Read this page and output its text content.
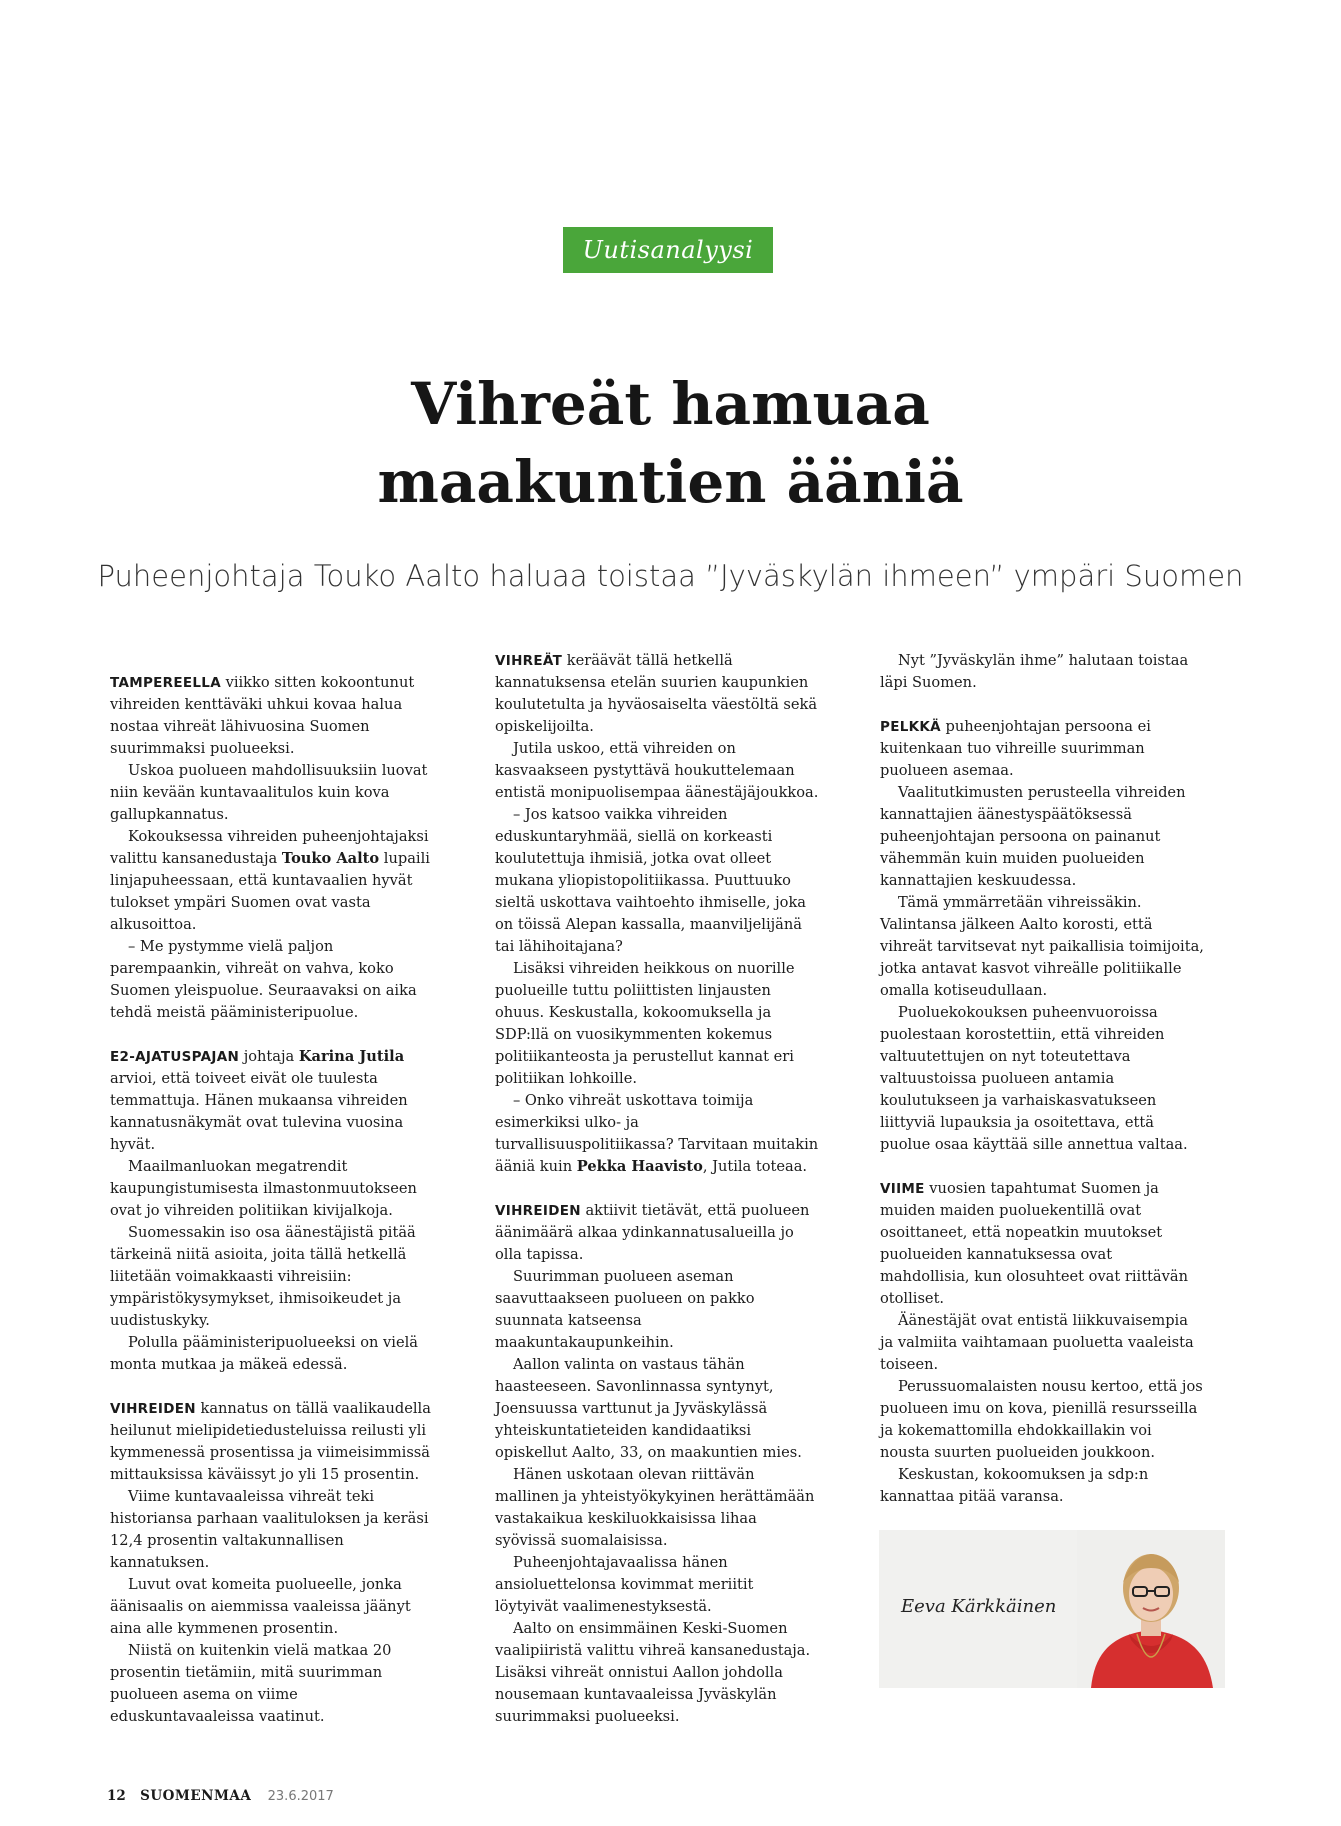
Uutisanalyysi
Vihreät hamuaa
maakuntien ääniä
Puheenjohtaja Touko Aalto haluaa toistaa ”Jyväskylän ihmeen” ympäri Suomen

TAMPEREELLA viikko sitten kokoontunut vihreiden kenttäväki uhkui kovaa halua nostaa vihreät lähivuosina Suomen suurimmaksi puolueeksi.

Uskoa puolueen mahdollisuuksiin luovat niin kevään kuntavaalitulos kuin kova gallupkannatus.

Kokouksessa vihreiden puheenjohtajaksi valittu kansanedustaja Touko Aalto lupaili linjapuheessaan, että kuntavaalien hyvät tulokset ympäri Suomen ovat vasta alkusoittoa.

– Me pystymme vielä paljon parempaankin, vihreät on vahva, koko Suomen yleispuolue. Seuraavaksi on aika tehdä meistä pääministeripuolue.

E2-AJATUSPAJAN johtaja Karina Jutila arvioi, että toiveet eivät ole tuulesta temmattuja. Hänen mukaansa vihreiden kannatusnäkymät ovat tulevina vuosina hyvät.

Maailmanluokan megatrendit kaupungistumisesta ilmastonmuutokseen ovat jo vihreiden politiikan kivijalkoja.

Suomessakin iso osa äänestäjistä pitää tärkeinä niitä asioita, joita tällä hetkellä liitetään voimakkaasti vihreisiin: ympäristökysymykset, ihmisoikeudet ja uudistuskyky.

Polulla pääministeripuolueeksi on vielä monta mutkaa ja mäkeä edessä.

VIHREIDEN kannatus on tällä vaalikaudella heilunut mielipidetiedusteluissa reilusti yli kymmenessä prosentissa ja viimeisimmissä mittauksissa käväissyt jo yli 15 prosentin.

Viime kuntavaaleissa vihreät teki historiansa parhaan vaalituloksen ja keräsi 12,4 prosentin valtakunnallisen kannatuksen.

Luvut ovat komeita puolueelle, jonka äänisaalis on aiemmissa vaaleissa jäänyt aina alle kymmenen prosentin.

Niistä on kuitenkin vielä matkaa 20 prosentin tietämiin, mitä suurimman puolueen asema on viime eduskuntavaaleissa vaatinut.

VIHREÄT keräävät tällä hetkellä kannatuksensa etelän suurien kaupunkien koulutetulta ja hyväosaiselta väestöltä sekä opiskelijoilta.

Jutila uskoo, että vihreiden on kasvaakseen pystyttävä houkuttelemaan entistä monipuolisempaa äänestäjäjoukkoa.

– Jos katsoo vaikka vihreiden eduskuntaryhmää, siellä on korkeasti koulutettuja ihmisiä, jotka ovat olleet mukana yliopistopolitiikassa. Puuttuuko sieltä uskottava vaihtoehto ihmiselle, joka on töissä Alepan kassalla, maanviljelijänä tai lähihoitajana?

Lisäksi vihreiden heikkous on nuorille puolueille tuttu poliittisten linjausten ohuus. Keskustalla, kokoomuksella ja SDP:llä on vuosikymmenten kokemus politiikanteosta ja perustellut kannat eri politiikan lohkoille.

– Onko vihreät uskottava toimija esimerkiksi ulko- ja turvallisuuspolitiikassa? Tarvitaan muitakin ääniä kuin Pekka Haavisto, Jutila toteaa.

VIHREIDEN aktiivit tietävät, että puolueen äänimäärä alkaa ydinkannatusalueilla jo olla tapissa.

Suurimman puolueen aseman saavuttaakseen puolueen on pakko suunnata katseensa maakuntakaupunkeihin.

Aallon valinta on vastaus tähän haasteeseen. Savonlinnassa syntynyt, Joensuussa varttunut ja Jyväskylässä yhteiskuntatieteiden kandidaatiksi opiskellut Aalto, 33, on maakuntien mies.

Hänen uskotaan olevan riittävän mallinen ja yhteistyökykyinen herättämään vastakaikua keskiluokkaisissa lihaa syövissä suomalaisissa.

Puheenjohtajavaalissa hänen ansioluettelonsa kovimmat meriitit löytyivät vaalimenestyksestä.

Aalto on ensimmäinen Keski-Suomen vaalipiiristä valittu vihreä kansanedustaja. Lisäksi vihreät onnistui Aallon johdolla nousemaan kuntavaaleissa Jyväskylän suurimmaksi puolueeksi.

Nyt ”Jyväskylän ihme” halutaan toistaa läpi Suomen.

PELKKÄ puheenjohtajan persoona ei kuitenkaan tuo vihreille suurimman puolueen asemaa.

Vaalitutkimusten perusteella vihreiden kannattajien äänestyspäätöksessä puheenjohtajan persoona on painanut vähemmän kuin muiden puolueiden kannattajien keskuudessa.

Tämä ymmärretään vihreissäkin. Valintansa jälkeen Aalto korosti, että vihreät tarvitsevat nyt paikallisia toimijoita, jotka antavat kasvot vihreälle politiikalle omalla kotiseudullaan.

Puoluekokouksen puheenvuoroissa puolestaan korostettiin, että vihreiden valtuutettujen on nyt toteutettava valtuustoissa puolueen antamia koulutukseen ja varhaiskasvatukseen liittyviä lupauksia ja osoitettava, että puolue osaa käyttää sille annettua valtaa.

VIIME vuosien tapahtumat Suomen ja muiden maiden puoluekentillä ovat osoittaneet, että nopeatkin muutokset puolueiden kannatuksessa ovat mahdollisia, kun olosuhteet ovat riittävän otolliset.

Äänestäjät ovat entistä liikkuvaisempia ja valmiita vaihtamaan puoluetta vaaleista toiseen.

Perussuomalaisten nousu kertoo, että jos puolueen imu on kova, pienillä resursseilla ja kokemattomilla ehdokkaillakin voi nousta suurten puolueiden joukkoon.

Keskustan, kokoomuksen ja sdp:n kannattaa pitää varansa.

Eeva Kärkkäinen
12 SUOMENMAA 23.6.2017
